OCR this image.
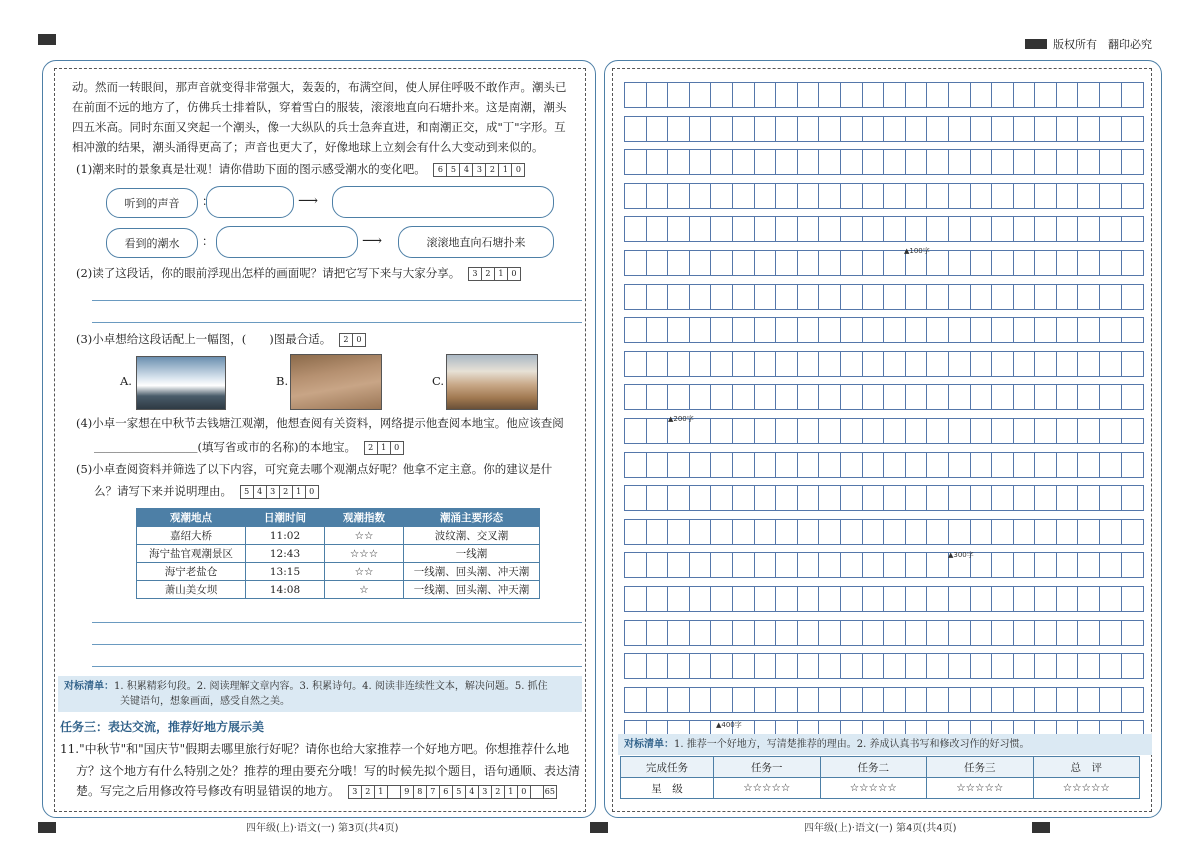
版权所有　翻印必究
动。然而一转眼间，那声音就变得非常强大，轰轰的，布满空间，使人屏住呼吸不敢作声。潮头已
在前面不远的地方了，仿佛兵士排着队，穿着雪白的服装，滚滚地直向石塘扑来。这是南潮，潮头
四五米高。同时东面又突起一个潮头，像一大纵队的兵士急奔直进，和南潮正交，成"丁"字形。互
相冲激的结果，潮头涌得更高了；声音也更大了，好像地球上立刻会有什么大变动到来似的。
(1)潮来时的景象真是壮观！请你借助下面的图示感受潮水的变化吧。	6 5 4 3 2 1 0
听到的声音	：	⟶
看到的潮水	：	⟶	滚滚地直向石塘扑来
(2)读了这段话，你的眼前浮现出怎样的画面呢？请把它写下来与大家分享。	3 2 1 0
(3)小卓想给这段话配上一幅图，(　　)图最合适。	2 0
A.	B.	C.
(4)小卓一家想在中秋节去钱塘江观潮，他想查阅有关资料，网络提示他查阅本地宝。他应该查阅
＿＿＿＿＿＿＿＿＿(填写省或市的名称)的本地宝。	2 1 0
(5)小卓查阅资料并筛选了以下内容，可究竟去哪个观潮点好呢？他拿不定主意。你的建议是什
么？请写下来并说明理由。	5 4 3 2 1 0
观潮地点	日潮时间	观潮指数	潮涌主要形态
嘉绍大桥	11:02	☆☆	波纹潮、交叉潮
海宁盐官观潮景区	12:43	☆☆☆	一线潮
海宁老盐仓	13:15	☆☆	一线潮、回头潮、冲天潮
萧山美女坝	14:08	☆	一线潮、回头潮、冲天潮
对标清单：1. 积累精彩句段。2. 阅读理解文章内容。3. 积累诗句。4. 阅读非连续性文本，解决问题。5. 抓住
关键语句，想象画面，感受自然之美。
任务三：表达交流，推荐好地方展示美
11."中秋节"和"国庆节"假期去哪里旅行好呢？请你也给大家推荐一个好地方吧。你想推荐什么地
方？这个地方有什么特别之处？推荐的理由要充分哦！写的时候先拟个题目，语句通顺、表达清
楚。写完之后用修改符号修改有明显错误的地方。	3 2 1	9 8 7 6 5 4 3 2 1 0	65
四年级(上)·语文(一) 第3页(共4页)
▲100字
▲200字
▲300字
▲400字
对标清单：1. 推荐一个好地方，写清楚推荐的理由。2. 养成认真书写和修改习作的好习惯。
完成任务	任务一	任务二	任务三	总　评
星　级	☆☆☆☆☆	☆☆☆☆☆	☆☆☆☆☆	☆☆☆☆☆
四年级(上)·语文(一) 第4页(共4页)
